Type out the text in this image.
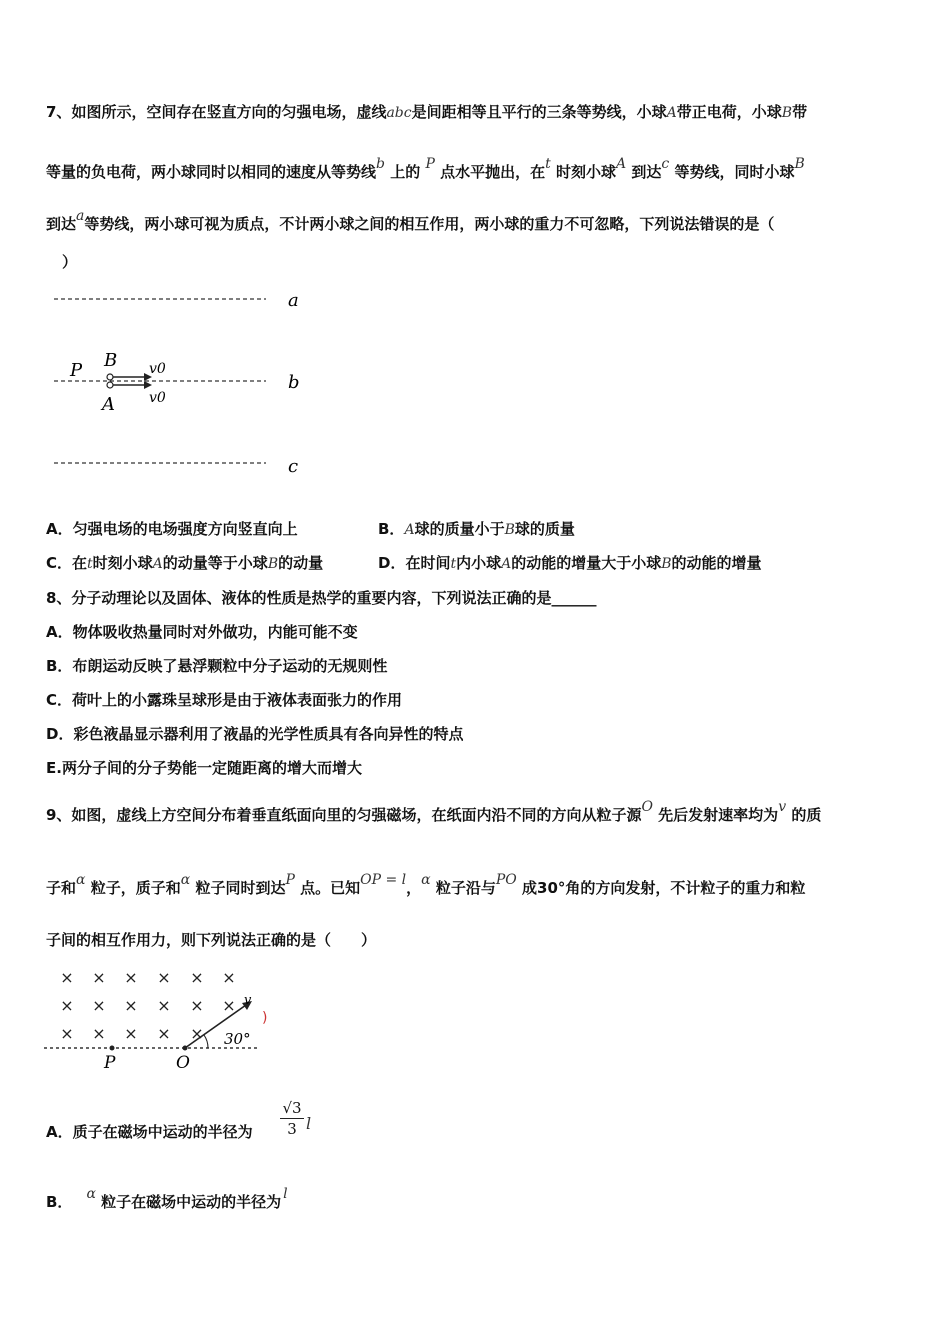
7、如图所示，空间存在竖直方向的匀强电场，虚线abc是间距相等且平行的三条等势线，小球A带正电荷，小球B带
等量的负电荷，两小球同时以相同的速度从等势线b 上的 P 点水平抛出，在t 时刻小球A 到达c 等势线，同时小球B
到达a等势线，两小球可视为质点，不计两小球之间的相互作用，两小球的重力不可忽略，下列说法错误的是（
）
a
b
c
P B
A
v0
v0
A．匀强电场的电场强度方向竖直向上	B．A球的质量小于B球的质量
C．在t时刻小球A的动量等于小球B的动量	D．在时间t内小球A的动能的增量大于小球B的动能的增量
8、分子动理论以及固体、液体的性质是热学的重要内容，下列说法正确的是______
A．物体吸收热量同时对外做功，内能可能不变
B．布朗运动反映了悬浮颗粒中分子运动的无规则性
C．荷叶上的小露珠呈球形是由于液体表面张力的作用
D．彩色液晶显示器利用了液晶的光学性质具有各向异性的特点
E.两分子间的分子势能一定随距离的增大而增大
9、如图，虚线上方空间分布着垂直纸面向里的匀强磁场，在纸面内沿不同的方向从粒子源O 先后发射速率均为v 的质
子和α 粒子，质子和α 粒子同时到达P 点。已知OP = l，α 粒子沿与PO 成30°角的方向发射，不计粒子的重力和粒
子间的相互作用力，则下列说法正确的是（　　）
× × × × × ×
× × × × × ×
× × × × ×
P	O
v
30°
)
A．质子在磁场中运动的半径为 $\frac{√3}{3}$ l
B． α 粒子在磁场中运动的半径为 l
